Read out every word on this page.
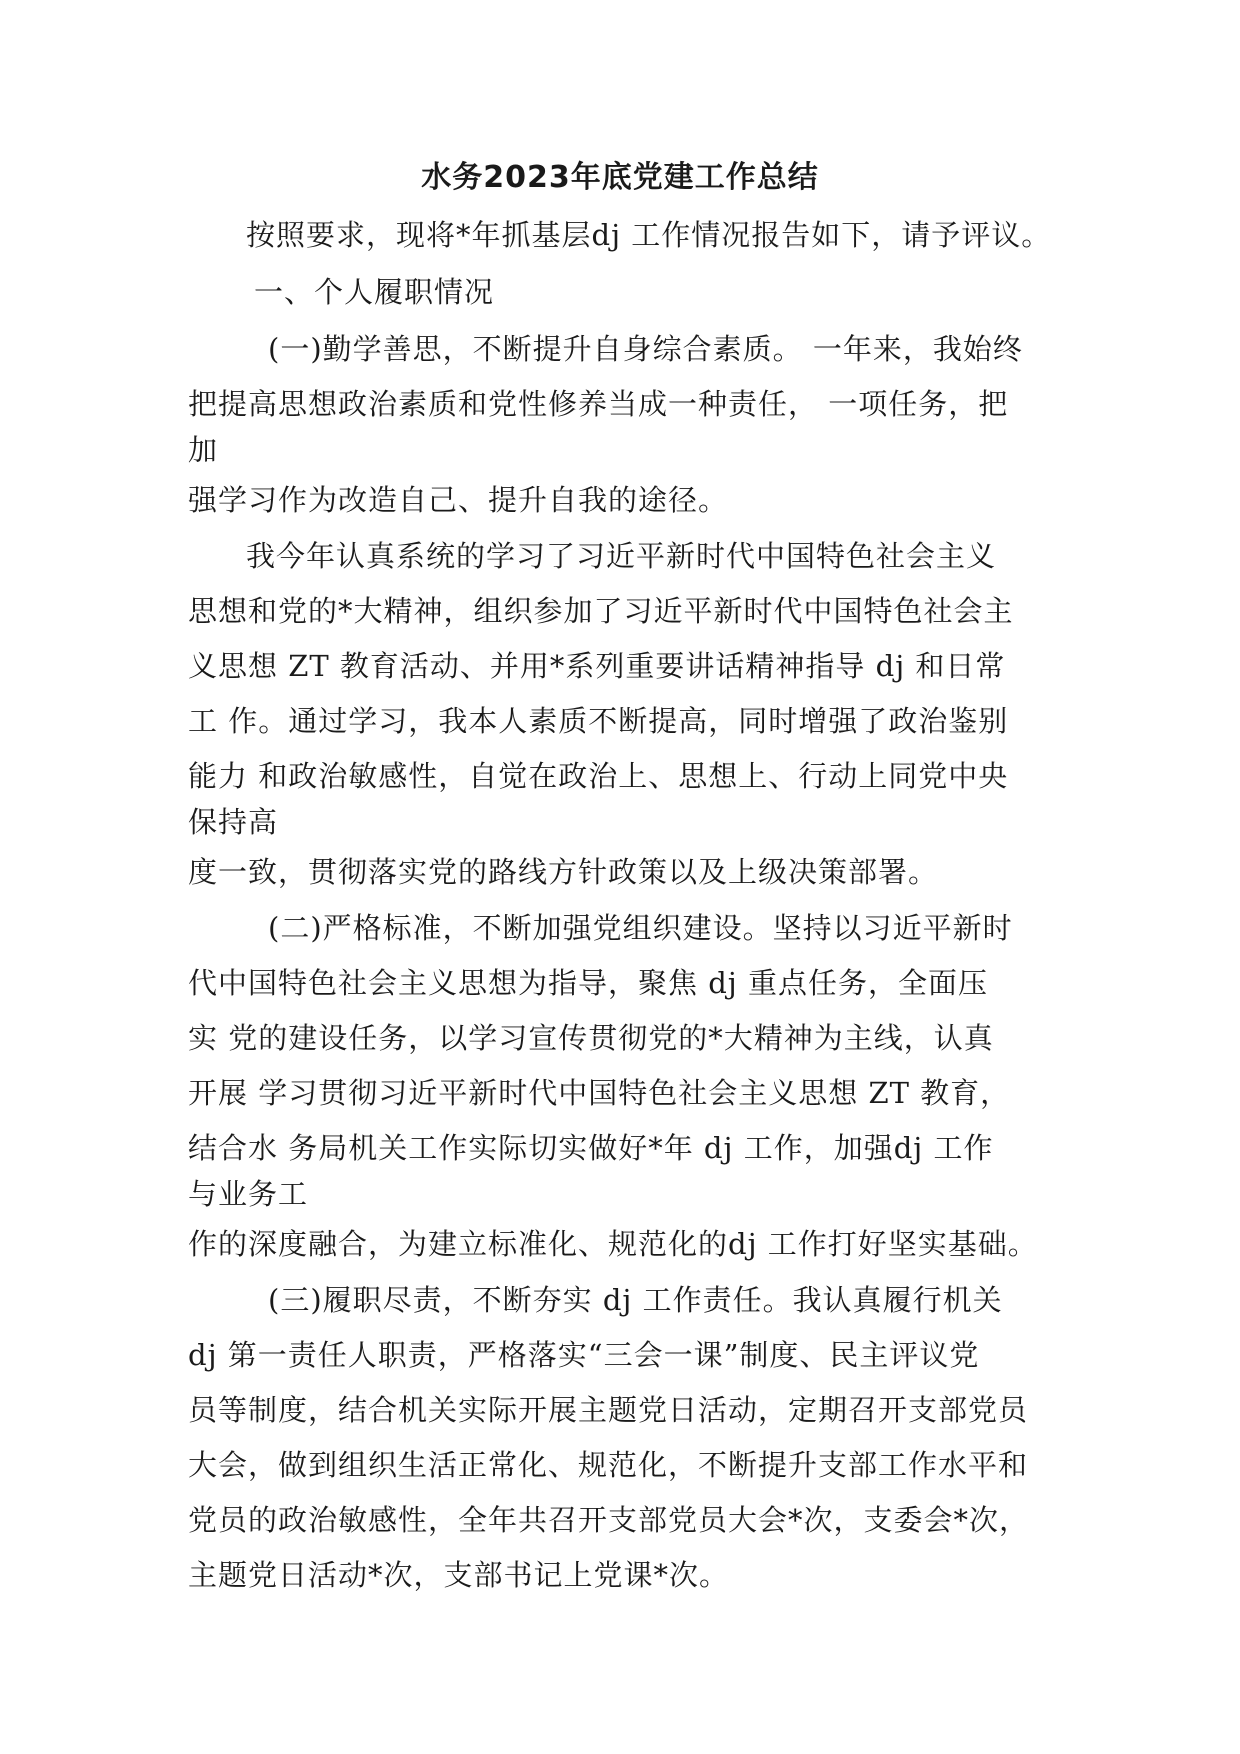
水务2023年底党建工作总结
按照要求，现将*年抓基层dj 工作情况报告如下，请予评议。
一、个人履职情况
(一)勤学善思，不断提升自身综合素质。 一年来，我始终
把提高思想政治素质和党性修养当成一种责任， 一项任务，把
加
强学习作为改造自己、提升自我的途径。
我今年认真系统的学习了习近平新时代中国特色社会主义
思想和党的*大精神，组织参加了习近平新时代中国特色社会主
义思想 ZT 教育活动、并用*系列重要讲话精神指导 dj 和日常
工 作。通过学习，我本人素质不断提高，同时增强了政治鉴别
能力 和政治敏感性，自觉在政治上、思想上、行动上同党中央
保持高
度一致，贯彻落实党的路线方针政策以及上级决策部署。
(二)严格标准，不断加强党组织建设。坚持以习近平新时
代中国特色社会主义思想为指导，聚焦 dj 重点任务，全面压
实 党的建设任务，以学习宣传贯彻党的*大精神为主线，认真
开展 学习贯彻习近平新时代中国特色社会主义思想 ZT 教育，
结合水 务局机关工作实际切实做好*年 dj 工作，加强dj 工作
与业务工
作的深度融合，为建立标准化、规范化的dj 工作打好坚实基础。
(三)履职尽责，不断夯实 dj 工作责任。我认真履行机关
dj 第一责任人职责，严格落实“三会一课”制度、民主评议党
员等制度，结合机关实际开展主题党日活动，定期召开支部党员
大会，做到组织生活正常化、规范化，不断提升支部工作水平和
党员的政治敏感性，全年共召开支部党员大会*次，支委会*次，
主题党日活动*次，支部书记上党课*次。
